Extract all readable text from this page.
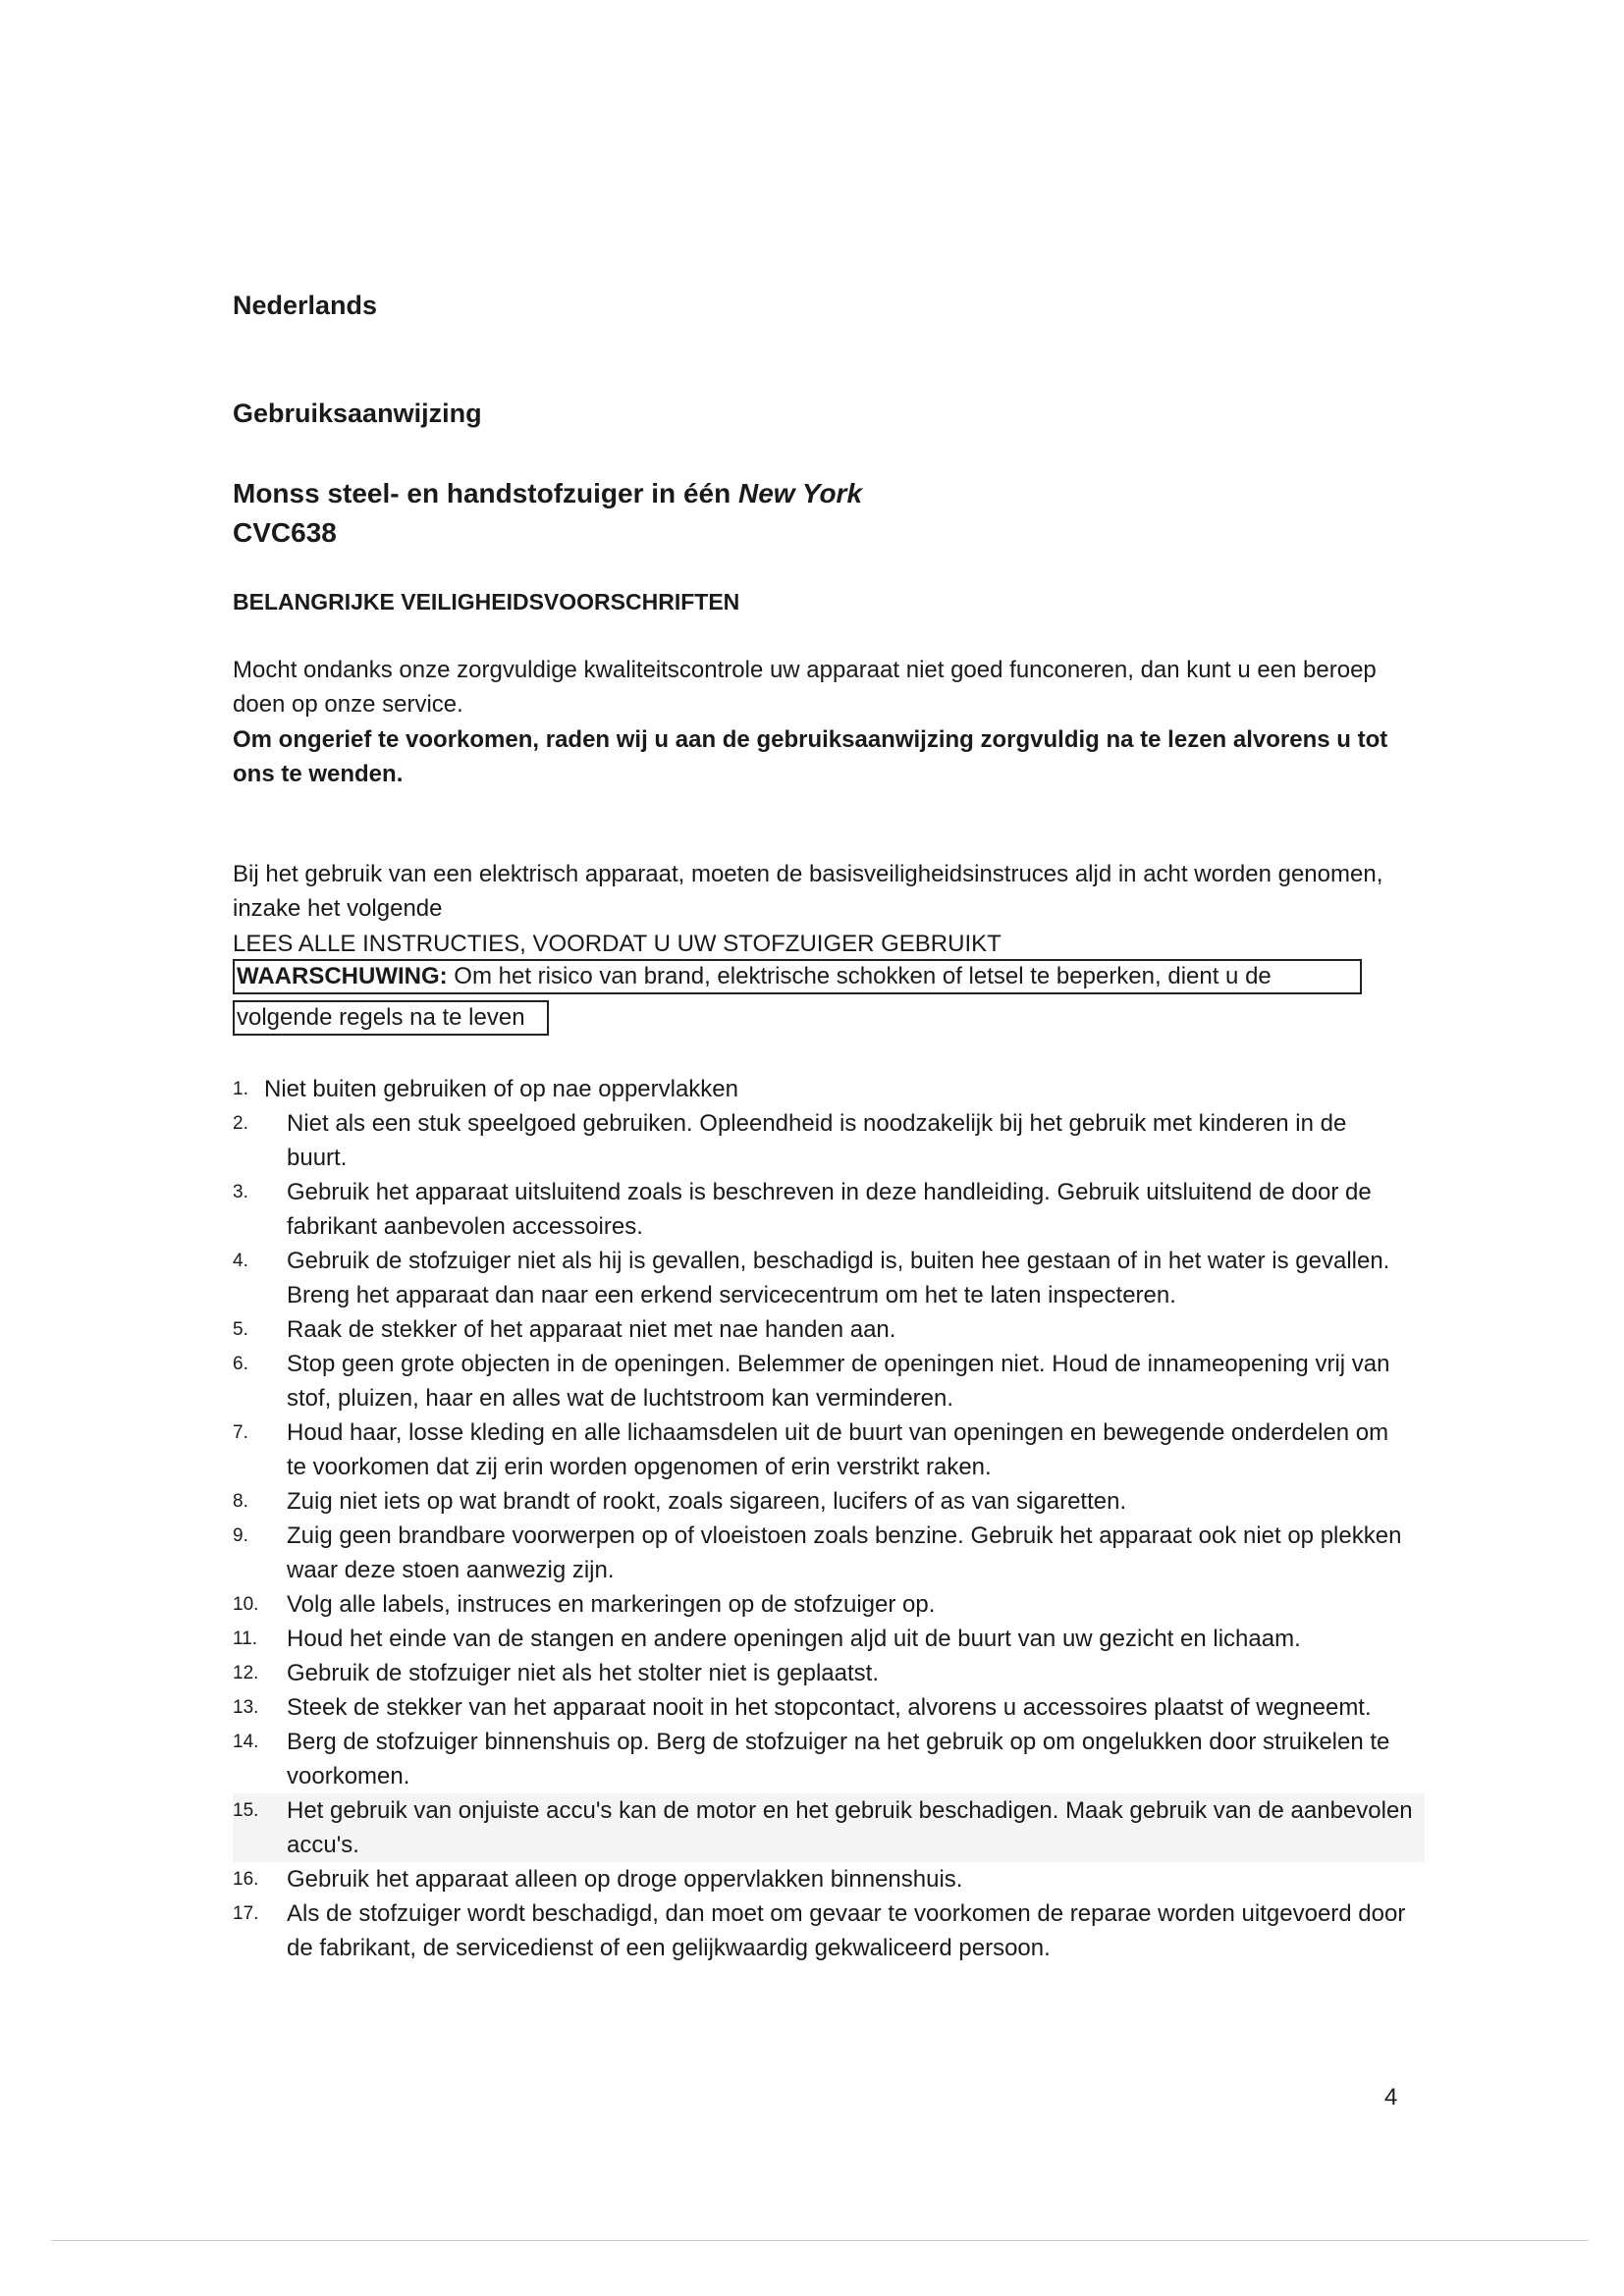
Nederlands
Gebruiksaanwijzing
Monss steel- en handstofzuiger in één New York
CVC638
BELANGRIJKE VEILIGHEIDSVOORSCHRIFTEN
Mocht ondanks onze zorgvuldige kwaliteitscontrole uw apparaat niet goed funconeren, dan kunt u een beroep doen op onze service.
Om ongerief te voorkomen, raden wij u aan de gebruiksaanwijzing zorgvuldig na te lezen alvorens u tot ons te wenden.
Bij het gebruik van een elektrisch apparaat, moeten de basisveiligheidsinstruces aljd in acht worden genomen, inzake het volgende
LEES ALLE INSTRUCTIES, VOORDAT U UW STOFZUIGER GEBRUIKT
WAARSCHUWING: Om het risico van brand, elektrische schokken of letsel te beperken, dient u de
volgende regels na te leven
1. Niet buiten gebruiken of op nae oppervlakken
2. Niet als een stuk speelgoed gebruiken. Opleendheid is noodzakelijk bij het gebruik met kinderen in de buurt.
3. Gebruik het apparaat uitsluitend zoals is beschreven in deze handleiding. Gebruik uitsluitend de door de fabrikant aanbevolen accessoires.
4. Gebruik de stofzuiger niet als hij is gevallen, beschadigd is, buiten hee gestaan of in het water is gevallen. Breng het apparaat dan naar een erkend servicecentrum om het te laten inspecteren.
5. Raak de stekker of het apparaat niet met nae handen aan.
6. Stop geen grote objecten in de openingen. Belemmer de openingen niet. Houd de innameopening vrij van stof, pluizen, haar en alles wat de luchtstroom kan verminderen.
7. Houd haar, losse kleding en alle lichaamsdelen uit de buurt van openingen en bewegende onderdelen om te voorkomen dat zij erin worden opgenomen of erin verstrikt raken.
8. Zuig niet iets op wat brandt of rookt, zoals sigareen, lucifers of as van sigaretten.
9. Zuig geen brandbare voorwerpen op of vloeistoen zoals benzine. Gebruik het apparaat ook niet op plekken waar deze stoen aanwezig zijn.
10. Volg alle labels, instruces en markeringen op de stofzuiger op.
11. Houd het einde van de stangen en andere openingen aljd uit de buurt van uw gezicht en lichaam.
12. Gebruik de stofzuiger niet als het stolter niet is geplaatst.
13. Steek de stekker van het apparaat nooit in het stopcontact, alvorens u accessoires plaatst of wegneemt.
14. Berg de stofzuiger binnenshuis op. Berg de stofzuiger na het gebruik op om ongelukken door struikelen te voorkomen.
15. Het gebruik van onjuiste accu's kan de motor en het gebruik beschadigen. Maak gebruik van de aanbevolen accu's.
16. Gebruik het apparaat alleen op droge oppervlakken binnenshuis.
17. Als de stofzuiger wordt beschadigd, dan moet om gevaar te voorkomen de reparae worden uitgevoerd door de fabrikant, de servicedienst of een gelijkwaardig gekwaliceerd persoon.
4
